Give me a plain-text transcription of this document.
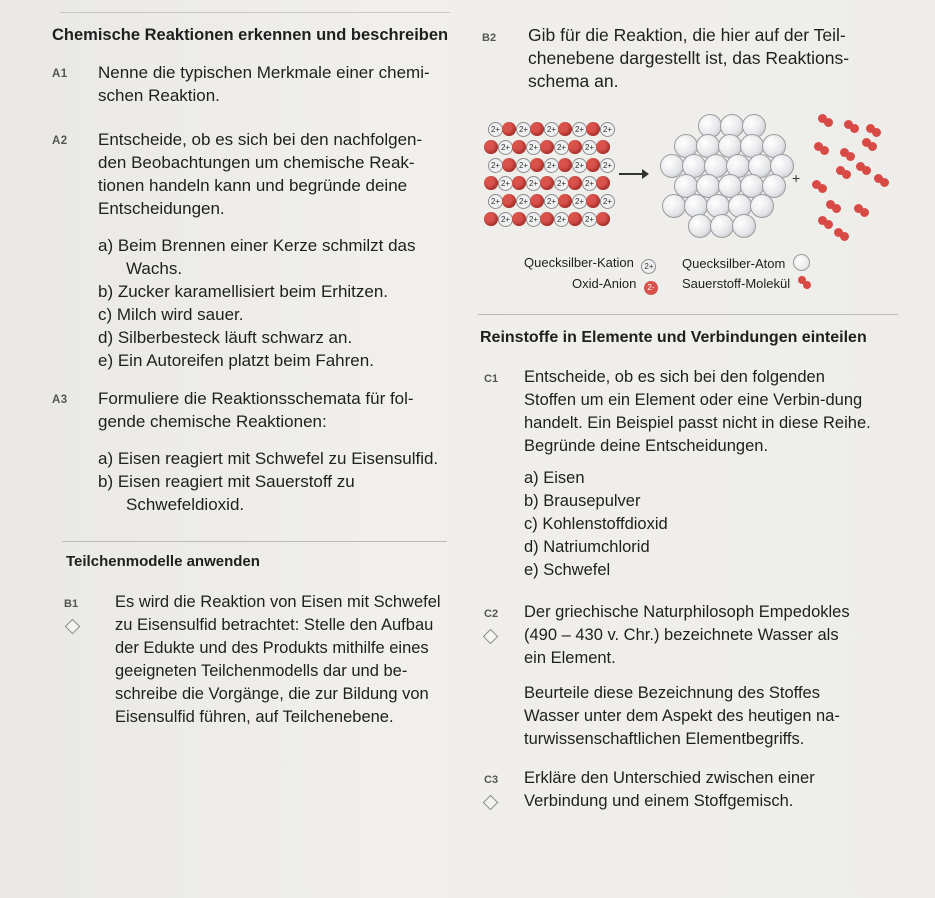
Chemische Reaktionen erkennen und beschreiben
A1 Nenne die typischen Merkmale einer chemi-schen Reaktion.
A2 Entscheide, ob es sich bei den nachfolgen-den Beobachtungen um chemische Reak-tionen handeln kann und begründe deine Entscheidungen.
a) Beim Brennen einer Kerze schmilzt das Wachs.
b) Zucker karamellisiert beim Erhitzen.
c) Milch wird sauer.
d) Silberbesteck läuft schwarz an.
e) Ein Autoreifen platzt beim Fahren.
A3 Formuliere die Reaktionsschemata für fol-gende chemische Reaktionen:
a) Eisen reagiert mit Schwefel zu Eisensulfid.
b) Eisen reagiert mit Sauerstoff zu Schwefeldioxid.
Teilchenmodelle anwenden
B1	Es wird die Reaktion von Eisen mit Schwefel zu Eisensulfid betrachtet: Stelle den Aufbau der Edukte und des Produkts mithilfe eines geeigneten Teilchenmodells dar und be-schreibe die Vorgänge, die zur Bildung von Eisensulfid führen, auf Teilchenebene.
B2 Gib für die Reaktion, die hier auf der Teil-chenebene dargestellt ist, das Reaktions-schema an.
2+	2+	2+	2+	2+
2+	2+	2+	2+
2+	2+	2+	2+	2+
2+	2+	2+	2+
2+	2+	2+	2+	2+
2+	2+	2+	2+
+
Quecksilber-Kation 2+
Oxid-Anion 2-
Quecksilber-Atom
Sauerstoff-Molekül
Reinstoffe in Elemente und Verbindungen einteilen
C1 Entscheide, ob es sich bei den folgenden Stoffen um ein Element oder eine Verbin-dung handelt. Ein Beispiel passt nicht in diese Reihe. Begründe deine Entscheidungen.
a) Eisen
b) Brausepulver
c) Kohlenstoffdioxid
d) Natriumchlorid
e) Schwefel
C2 Der griechische Naturphilosoph Empedokles (490 – 430 v. Chr.) bezeichnete Wasser als ein Element.
Beurteile diese Bezeichnung des Stoffes Wasser unter dem Aspekt des heutigen na-turwissenschaftlichen Elementbegriffs.
C3 Erkläre den Unterschied zwischen einer Verbindung und einem Stoffgemisch.
